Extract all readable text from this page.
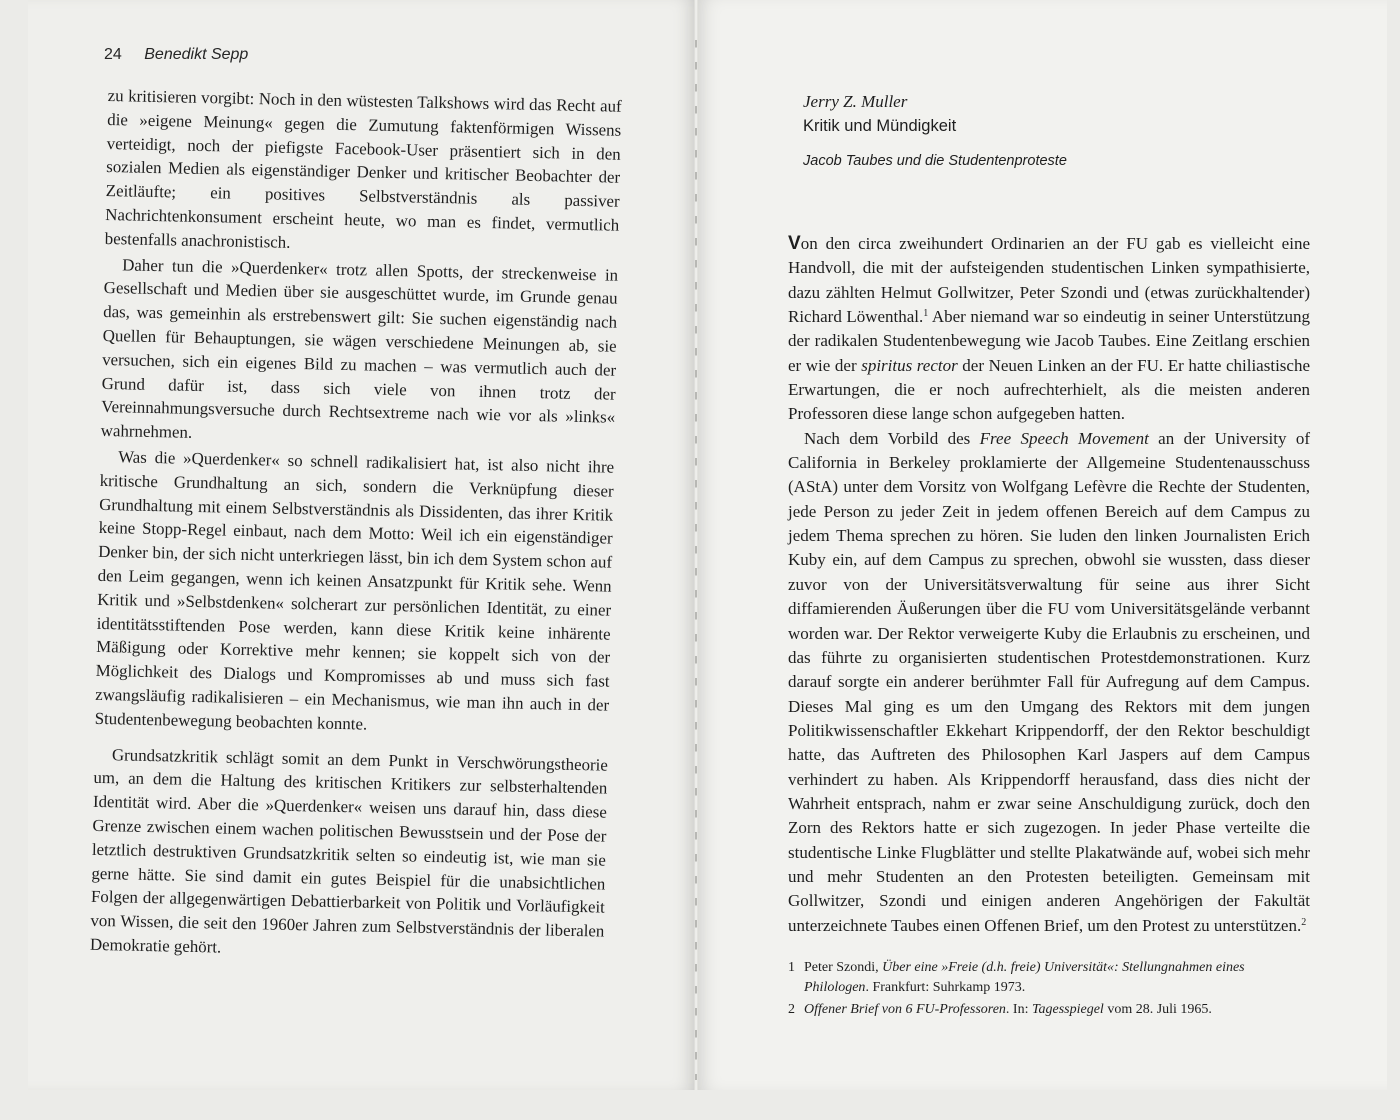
24 Benedikt Sepp

zu kritisieren vorgibt: Noch in den wüstesten Talkshows wird das Recht auf die »eigene Meinung« gegen die Zumutung faktenförmigen Wissens verteidigt, noch der piefigste Facebook-User präsentiert sich in den sozialen Medien als eigenständiger Denker und kritischer Beobachter der Zeitläufte; ein positives Selbstverständnis als passiver Nachrichtenkonsument erscheint heute, wo man es findet, vermutlich bestenfalls anachronistisch.

Daher tun die »Querdenker« trotz allen Spotts, der streckenweise in Gesellschaft und Medien über sie ausgeschüttet wurde, im Grunde genau das, was gemeinhin als erstrebenswert gilt: Sie suchen eigenständig nach Quellen für Behauptungen, sie wägen verschiedene Meinungen ab, sie versuchen, sich ein eigenes Bild zu machen – was vermutlich auch der Grund dafür ist, dass sich viele von ihnen trotz der Vereinnahmungsversuche durch Rechtsextreme nach wie vor als »links« wahrnehmen.

Was die »Querdenker« so schnell radikalisiert hat, ist also nicht ihre kritische Grundhaltung an sich, sondern die Verknüpfung dieser Grundhaltung mit einem Selbstverständnis als Dissidenten, das ihrer Kritik keine Stopp-Regel einbaut, nach dem Motto: Weil ich ein eigenständiger Denker bin, der sich nicht unterkriegen lässt, bin ich dem System schon auf den Leim gegangen, wenn ich keinen Ansatzpunkt für Kritik sehe. Wenn Kritik und »Selbstdenken« solcherart zur persönlichen Identität, zu einer identitätsstiftenden Pose werden, kann diese Kritik keine inhärente Mäßigung oder Korrektive mehr kennen; sie koppelt sich von der Möglichkeit des Dialogs und Kompromisses ab und muss sich fast zwangsläufig radikalisieren – ein Mechanismus, wie man ihn auch in der Studentenbewegung beobachten konnte.

Grundsatzkritik schlägt somit an dem Punkt in Verschwörungstheorie um, an dem die Haltung des kritischen Kritikers zur selbsterhaltenden Identität wird. Aber die »Querdenker« weisen uns darauf hin, dass diese Grenze zwischen einem wachen politischen Bewusstsein und der Pose der letztlich destruktiven Grundsatzkritik selten so eindeutig ist, wie man sie gerne hätte. Sie sind damit ein gutes Beispiel für die unabsichtlichen Folgen der allgegenwärtigen Debattierbarkeit von Politik und Vorläufigkeit von Wissen, die seit den 1960er Jahren zum Selbstverständnis der liberalen Demokratie gehört.

Jerry Z. Muller
Kritik und Mündigkeit
Jacob Taubes und die Studentenproteste

Von den circa zweihundert Ordinarien an der FU gab es vielleicht eine Handvoll, die mit der aufsteigenden studentischen Linken sympathisierte, dazu zählten Helmut Gollwitzer, Peter Szondi und (etwas zurückhaltender) Richard Löwenthal.$^1$ Aber niemand war so eindeutig in seiner Unterstützung der radikalen Studentenbewegung wie Jacob Taubes. Eine Zeitlang erschien er wie der spiritus rector der Neuen Linken an der FU. Er hatte chiliastische Erwartungen, die er noch aufrechterhielt, als die meisten anderen Professoren diese lange schon aufgegeben hatten.

Nach dem Vorbild des Free Speech Movement an der University of California in Berkeley proklamierte der Allgemeine Studentenausschuss (AStA) unter dem Vorsitz von Wolfgang Lefèvre die Rechte der Studenten, jede Person zu jeder Zeit in jedem offenen Bereich auf dem Campus zu jedem Thema sprechen zu hören. Sie luden den linken Journalisten Erich Kuby ein, auf dem Campus zu sprechen, obwohl sie wussten, dass dieser zuvor von der Universitätsverwaltung für seine aus ihrer Sicht diffamierenden Äußerungen über die FU vom Universitätsgelände verbannt worden war. Der Rektor verweigerte Kuby die Erlaubnis zu erscheinen, und das führte zu organisierten studentischen Protestdemonstrationen. Kurz darauf sorgte ein anderer berühmter Fall für Aufregung auf dem Campus. Dieses Mal ging es um den Umgang des Rektors mit dem jungen Politikwissenschaftler Ekkehart Krippendorff, der den Rektor beschuldigt hatte, das Auftreten des Philosophen Karl Jaspers auf dem Campus verhindert zu haben. Als Krippendorff herausfand, dass dies nicht der Wahrheit entsprach, nahm er zwar seine Anschuldigung zurück, doch den Zorn des Rektors hatte er sich zugezogen. In jeder Phase verteilte die studentische Linke Flugblätter und stellte Plakatwände auf, wobei sich mehr und mehr Studenten an den Protesten beteiligten. Gemeinsam mit Gollwitzer, Szondi und einigen anderen Angehörigen der Fakultät unterzeichnete Taubes einen Offenen Brief, um den Protest zu unterstützen.$^2$

1 Peter Szondi, Über eine »Freie (d.h. freie) Universität«: Stellungnahmen eines Philologen. Frankfurt: Suhrkamp 1973.
2 Offener Brief von 6 FU-Professoren. In: Tagesspiegel vom 28. Juli 1965.
